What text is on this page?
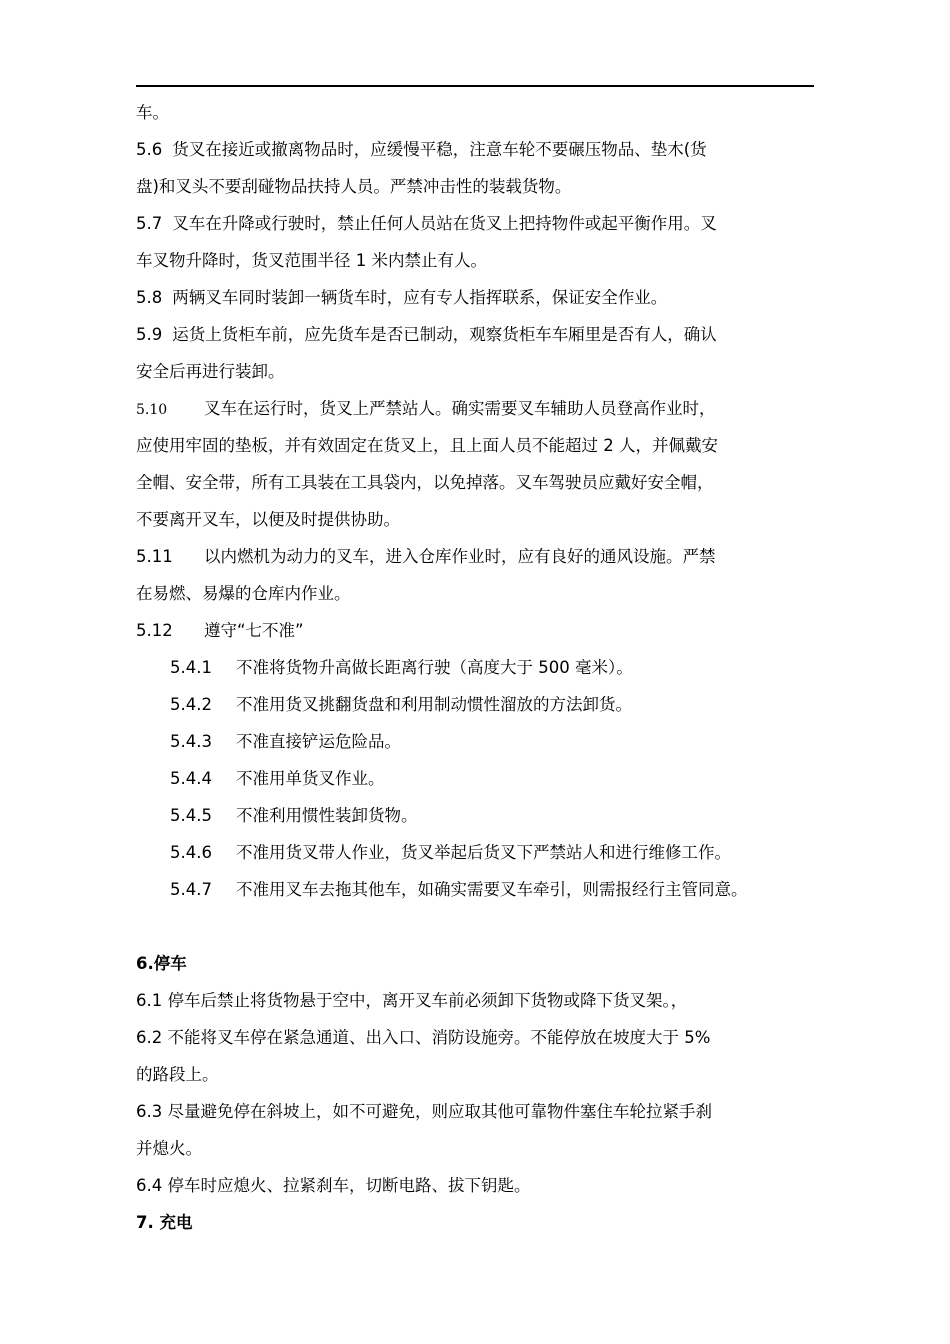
车。
5.6 货叉在接近或撤离物品时，应缓慢平稳，注意车轮不要碾压物品、垫木(货
盘)和叉头不要刮碰物品扶持人员。严禁冲击性的装载货物。
5.7 叉车在升降或行驶时，禁止任何人员站在货叉上把持物件或起平衡作用。叉
车叉物升降时，货叉范围半径 1 米内禁止有人。
5.8 两辆叉车同时装卸一辆货车时，应有专人指挥联系，保证安全作业。
5.9 运货上货柜车前，应先货车是否已制动，观察货柜车车厢里是否有人，确认
安全后再进行装卸。
5.10 叉车在运行时，货叉上严禁站人。确实需要叉车辅助人员登高作业时，
应使用牢固的垫板，并有效固定在货叉上，且上面人员不能超过 2 人，并佩戴安
全帽、安全带，所有工具装在工具袋内，以免掉落。叉车驾驶员应戴好安全帽，
不要离开叉车，以便及时提供协助。
5.11 以内燃机为动力的叉车，进入仓库作业时，应有良好的通风设施。严禁
在易燃、易爆的仓库内作业。
5.12 遵守“七不准”
5.4.1 不准将货物升高做长距离行驶（高度大于 500 毫米）。
5.4.2 不准用货叉挑翻货盘和利用制动惯性溜放的方法卸货。
5.4.3 不准直接铲运危险品。
5.4.4 不准用单货叉作业。
5.4.5 不准利用惯性装卸货物。
5.4.6 不准用货叉带人作业，货叉举起后货叉下严禁站人和进行维修工作。
5.4.7 不准用叉车去拖其他车，如确实需要叉车牵引，则需报经行主管同意。
6.停车
6.1 停车后禁止将货物悬于空中，离开叉车前必须卸下货物或降下货叉架。，
6.2 不能将叉车停在紧急通道、出入口、消防设施旁。不能停放在坡度大于 5%
的路段上。
6.3 尽量避免停在斜坡上，如不可避免，则应取其他可靠物件塞住车轮拉紧手刹
并熄火。
6.4 停车时应熄火、拉紧刹车，切断电路、拔下钥匙。
7. 充电
